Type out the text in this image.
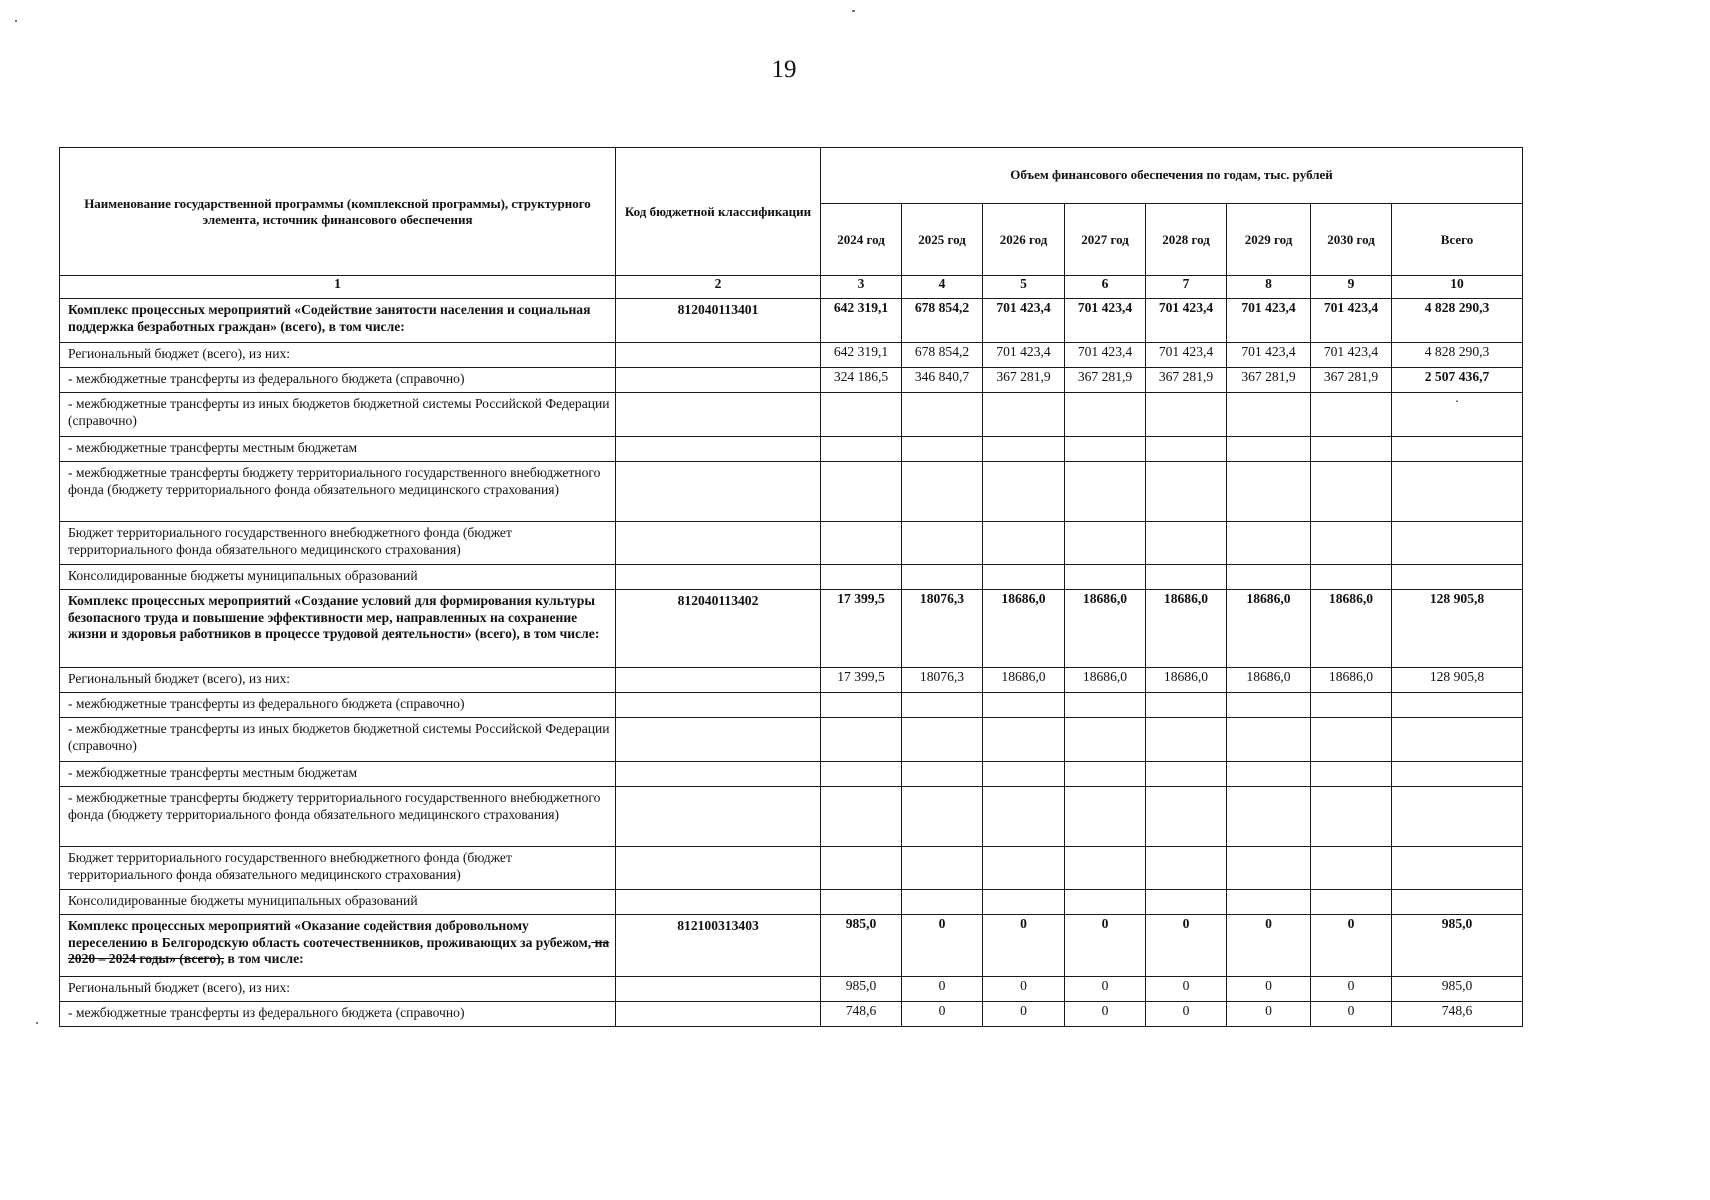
19
Наименование государственной программы (комплексной программы), структурного элемента, источник финансового обеспечения	Код бюджетной классификации	Объем финансового обеспечения по годам, тыс. рублей							
		2024 год	2025 год	2026 год	2027 год	2028 год	2029 год	2030 год	Всего
1	2	3	4	5	6	7	8	9	10
Комплекс процессных мероприятий «Содействие занятости населения и социальная поддержка безработных граждан» (всего), в том числе:	812040113401	642 319,1	678 854,2	701 423,4	701 423,4	701 423,4	701 423,4	701 423,4	4 828 290,3
Региональный бюджет (всего), из них:		642 319,1	678 854,2	701 423,4	701 423,4	701 423,4	701 423,4	701 423,4	4 828 290,3
- межбюджетные трансферты из федерального бюджета (справочно)		324 186,5	346 840,7	367 281,9	367 281,9	367 281,9	367 281,9	367 281,9	2 507 436,7
- межбюджетные трансферты из иных бюджетов бюджетной системы Российской Федерации (справочно)									·
- межбюджетные трансферты местным бюджетам									
- межбюджетные трансферты бюджету территориального государственного внебюджетного фонда (бюджету территориального фонда обязательного медицинского страхования)									
Бюджет территориального государственного внебюджетного фонда (бюджет территориального фонда обязательного медицинского страхования)									
Консолидированные бюджеты муниципальных образований									
Комплекс процессных мероприятий «Создание условий для формирования культуры безопасного труда и повышение эффективности мер, направленных на сохранение жизни и здоровья работников в процессе трудовой деятельности» (всего), в том числе:	812040113402	17 399,5	18076,3	18686,0	18686,0	18686,0	18686,0	18686,0	128 905,8
Региональный бюджет (всего), из них:		17 399,5	18076,3	18686,0	18686,0	18686,0	18686,0	18686,0	128 905,8
- межбюджетные трансферты из федерального бюджета (справочно)									
- межбюджетные трансферты из иных бюджетов бюджетной системы Российской Федерации (справочно)									
- межбюджетные трансферты местным бюджетам									
- межбюджетные трансферты бюджету территориального государственного внебюджетного фонда (бюджету территориального фонда обязательного медицинского страхования)									
Бюджет территориального государственного внебюджетного фонда (бюджет территориального фонда обязательного медицинского страхования)									
Консолидированные бюджеты муниципальных образований									
Комплекс процессных мероприятий «Оказание содействия добровольному переселению в Белгородскую область соотечественников, проживающих за рубежом, на 2020 – 2024 годы» (всего), в том числе:	812100313403	985,0	0	0	0	0	0	0	985,0
Региональный бюджет (всего), из них:		985,0	0	0	0	0	0	0	985,0
- межбюджетные трансферты из федерального бюджета (справочно)		748,6	0	0	0	0	0	0	748,6
